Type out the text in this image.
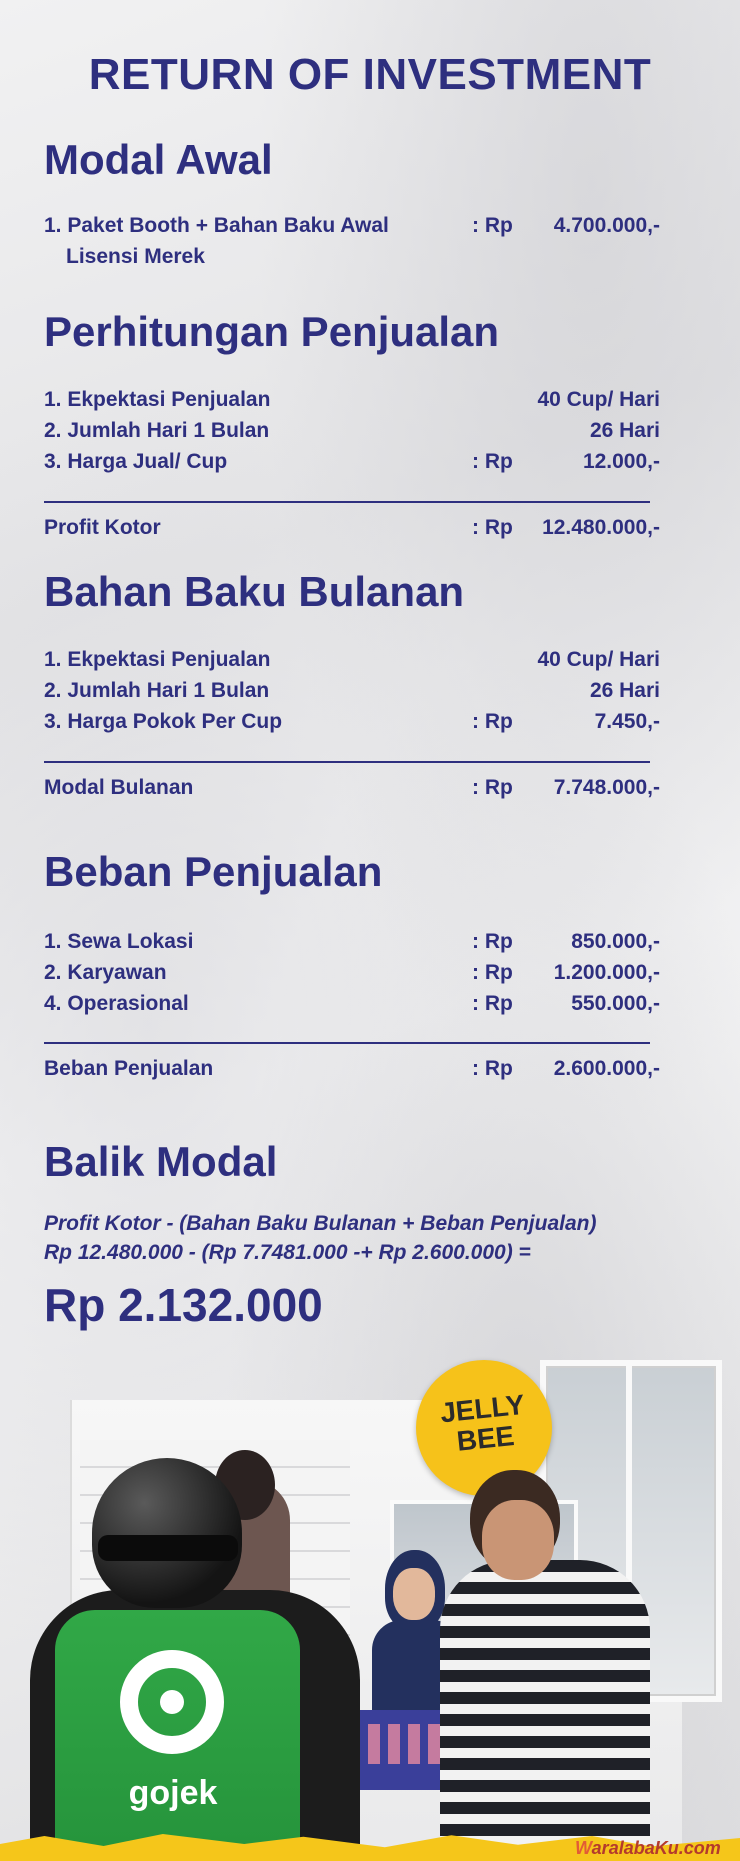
RETURN OF INVESTMENT
Modal Awal
1. Paket Booth + Bahan Baku Awal	: Rp 4.700.000,-
Lisensi Merek
Perhitungan Penjualan
1. Ekpektasi Penjualan	40 Cup/ Hari
2. Jumlah Hari 1 Bulan	26 Hari
3. Harga Jual/ Cup	: Rp	12.000,-
Profit Kotor	: Rp 12.480.000,-
Bahan Baku Bulanan
1. Ekpektasi Penjualan	40 Cup/ Hari
2. Jumlah Hari 1 Bulan	26 Hari
3. Harga Pokok Per Cup	: Rp	7.450,-
Modal Bulanan	: Rp 7.748.000,-
Beban Penjualan
1. Sewa Lokasi	: Rp	850.000,-
2. Karyawan	: Rp 1.200.000,-
4. Operasional	: Rp	550.000,-
Beban Penjualan	: Rp 2.600.000,-
Balik Modal
Profit Kotor - (Bahan Baku Bulanan + Beban Penjualan)
Rp 12.480.000 - (Rp 7.7481.000 -+ Rp 2.600.000) =
Rp 2.132.000
JELLY
BEE
gojek
WaralabaKu.com
